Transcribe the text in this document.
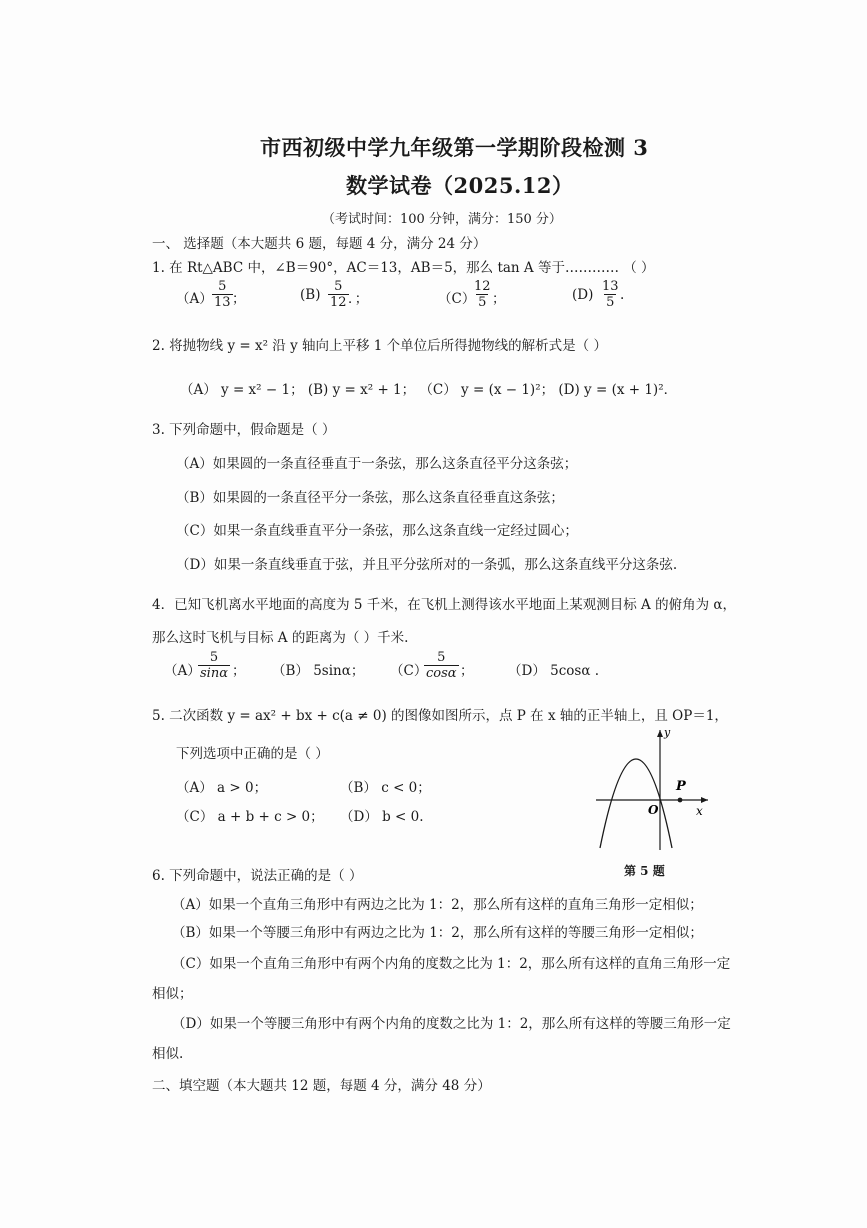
市西初级中学九年级第一学期阶段检测 3
数学试卷（2025.12）
（考试时间：100 分钟，满分：150 分）
一、 选择题（本大题共 6 题，每题 4 分，满分 24 分）
1. 在 Rt△ABC 中，∠B＝90°，AC＝13，AB＝5，那么 tan A 等于………… （ ）
$(A) \frac{5}{13}$ ；	$(B) \frac{5}{12}$ ．；	（C）
$\frac{12}{5}$ ；	$(D) \frac{13}{5}$ .
2. 将抛物线 y = x² 沿 y 轴向上平移 1 个单位后所得抛物线的解析式是（ ）
（A） y = x² − 1； (B) y = x² + 1； （C） y = (x − 1)²； (D) y = (x + 1)²．
3. 下列命题中，假命题是（ ）
（A）如果圆的一条直径垂直于一条弦，那么这条直径平分这条弦；
（B）如果圆的一条直径平分一条弦，那么这条直径垂直这条弦；
（C）如果一条直线垂直平分一条弦，那么这条直线一定经过圆心；
（D）如果一条直线垂直于弦，并且平分弦所对的一条弧，那么这条直线平分这条弦.
4．已知飞机离水平地面的高度为 5 千米，在飞机上测得该水平地面上某观测目标 A 的俯角为 α，
那么这时飞机与目标 A 的距离为（ ）千米.
（A）
$\frac{5}{\sin\alpha}$ ； （B） 5sinα； （C）
$\frac{5}{\cos\alpha}$ ；	（D） 5cosα .
5. 二次函数 y = ax² + bx + c(a ≠ 0) 的图像如图所示，点 P 在 x 轴的正半轴上，且 OP＝1，
下列选项中正确的是（ ）
（A） a > 0；	（B） c < 0；
（C） a + b + c > 0； （D） b < 0.
y
x
O
P
第 5 题
6. 下列命题中，说法正确的是（ ）
（A）如果一个直角三角形中有两边之比为 1：2，那么所有这样的直角三角形一定相似；
（B）如果一个等腰三角形中有两边之比为 1：2，那么所有这样的等腰三角形一定相似；
（C）如果一个直角三角形中有两个内角的度数之比为 1：2，那么所有这样的直角三角形一定
相似；
（D）如果一个等腰三角形中有两个内角的度数之比为 1：2，那么所有这样的等腰三角形一定
相似.
二、填空题（本大题共 12 题，每题 4 分，满分 48 分）
